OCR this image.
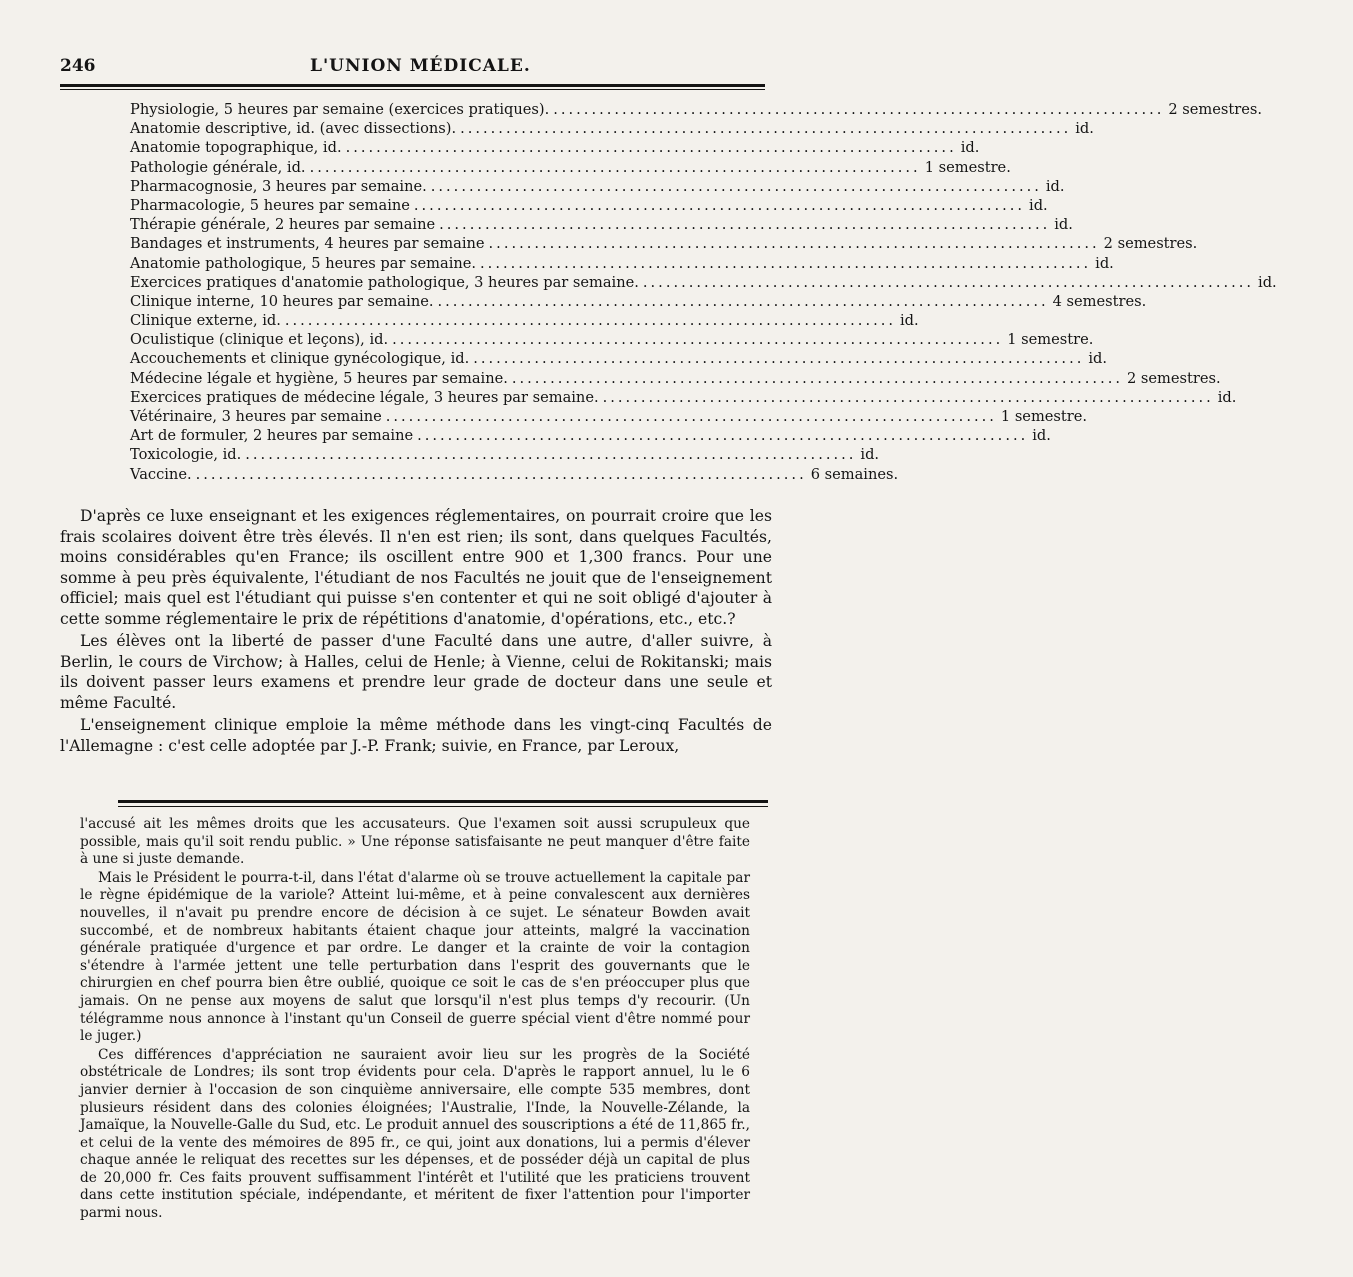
246	L'UNION MÉDICALE.
Physiologie, 5 heures par semaine (exercices pratiques). ................................................................................ 2 semestres.
Anatomie descriptive, id. (avec dissections). ................................................................................ id.
Anatomie topographique, id. ................................................................................ id.
Pathologie générale, id. ................................................................................ 1 semestre.
Pharmacognosie, 3 heures par semaine. ................................................................................ id.
Pharmacologie, 5 heures par semaine ................................................................................ id.
Thérapie générale, 2 heures par semaine ................................................................................ id.
Bandages et instruments, 4 heures par semaine ................................................................................ 2 semestres.
Anatomie pathologique, 5 heures par semaine. ................................................................................ id.
Exercices pratiques d'anatomie pathologique, 3 heures par semaine. ................................................................................ id.
Clinique interne, 10 heures par semaine. ................................................................................ 4 semestres.
Clinique externe, id. ................................................................................ id.
Oculistique (clinique et leçons), id. ................................................................................ 1 semestre.
Accouchements et clinique gynécologique, id. ................................................................................ id.
Médecine légale et hygiène, 5 heures par semaine. ................................................................................ 2 semestres.
Exercices pratiques de médecine légale, 3 heures par semaine. ................................................................................ id.
Vétérinaire, 3 heures par semaine ................................................................................ 1 semestre.
Art de formuler, 2 heures par semaine ................................................................................ id.
Toxicologie, id. ................................................................................ id.
Vaccine. ................................................................................ 6 semaines.

D'après ce luxe enseignant et les exigences réglementaires, on pourrait croire que les frais scolaires doivent être très élevés. Il n'en est rien; ils sont, dans quelques Facultés, moins considérables qu'en France; ils oscillent entre 900 et 1,300 francs. Pour une somme à peu près équivalente, l'étudiant de nos Facultés ne jouit que de l'enseignement officiel; mais quel est l'étudiant qui puisse s'en contenter et qui ne soit obligé d'ajouter à cette somme réglementaire le prix de répétitions d'anatomie, d'opérations, etc., etc.?

Les élèves ont la liberté de passer d'une Faculté dans une autre, d'aller suivre, à Berlin, le cours de Virchow; à Halles, celui de Henle; à Vienne, celui de Rokitanski; mais ils doivent passer leurs examens et prendre leur grade de docteur dans une seule et même Faculté.

L'enseignement clinique emploie la même méthode dans les vingt-cinq Facultés de l'Allemagne : c'est celle adoptée par J.-P. Frank; suivie, en France, par Leroux,

l'accusé ait les mêmes droits que les accusateurs. Que l'examen soit aussi scrupuleux que possible, mais qu'il soit rendu public. » Une réponse satisfaisante ne peut manquer d'être faite à une si juste demande.

Mais le Président le pourra-t-il, dans l'état d'alarme où se trouve actuellement la capitale par le règne épidémique de la variole? Atteint lui-même, et à peine convalescent aux dernières nouvelles, il n'avait pu prendre encore de décision à ce sujet. Le sénateur Bowden avait succombé, et de nombreux habitants étaient chaque jour atteints, malgré la vaccination générale pratiquée d'urgence et par ordre. Le danger et la crainte de voir la contagion s'étendre à l'armée jettent une telle perturbation dans l'esprit des gouvernants que le chirurgien en chef pourra bien être oublié, quoique ce soit le cas de s'en préoccuper plus que jamais. On ne pense aux moyens de salut que lorsqu'il n'est plus temps d'y recourir. (Un télégramme nous annonce à l'instant qu'un Conseil de guerre spécial vient d'être nommé pour le juger.)

Ces différences d'appréciation ne sauraient avoir lieu sur les progrès de la Société obstétricale de Londres; ils sont trop évidents pour cela. D'après le rapport annuel, lu le 6 janvier dernier à l'occasion de son cinquième anniversaire, elle compte 535 membres, dont plusieurs résident dans des colonies éloignées; l'Australie, l'Inde, la Nouvelle-Zélande, la Jamaïque, la Nouvelle-Galle du Sud, etc. Le produit annuel des souscriptions a été de 11,865 fr., et celui de la vente des mémoires de 895 fr., ce qui, joint aux donations, lui a permis d'élever chaque année le reliquat des recettes sur les dépenses, et de posséder déjà un capital de plus de 20,000 fr. Ces faits prouvent suffisamment l'intérêt et l'utilité que les praticiens trouvent dans cette institution spéciale, indépendante, et méritent de fixer l'attention pour l'importer parmi nous.
